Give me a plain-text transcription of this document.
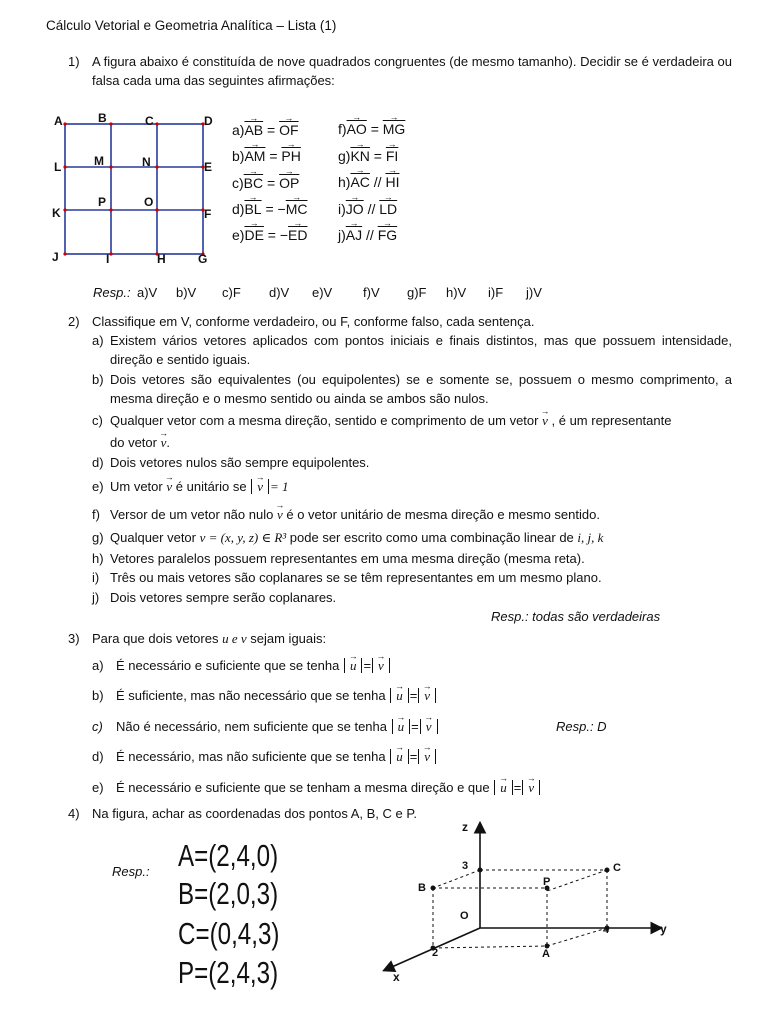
Cálculo Vetorial e Geometria Analítica – Lista (1)
1) A figura abaixo é constituída de nove quadrados congruentes (de mesmo tamanho). Decidir se é verdadeira ou falsa cada uma das seguintes afirmações:
A	B	C	D
L	M	N	E
K
P	O
F
J	I	H	G
$a)\to \overline{AB}$ = → $\overline{OF}$
$b)\to \overline{AM}$ = → $\overline{PH}$
$c)\to \overline{BC}$ = → $\overline{OP}$
$d)\to \overline{BL}$ = −→ $\overline{MC}$
$e)\to \overline{DE}$ = −→ $\overline{ED}$
$f)\to \overline{AO}$ = → $\overline{MG}$
$g)\to \overline{KN}$ = → $\overline{FI}$
$h)\to \overline{AC}$ // → $\overline{HI}$
$i)\to \overline{JO}$ // → $\overline{LD}$
$j)\to \overline{AJ}$ // → $\overline{FG}$
Resp.: a)V b)V c)F d)V e)V f)V g)F h)V i)F j)V
2) Classifique em V, conforme verdadeiro, ou F, conforme falso, cada sentença.
a) Existem vários vetores aplicados com pontos iniciais e finais distintos, mas que possuem intensidade, direção e sentido iguais.
b) Dois vetores são equivalentes (ou equipolentes) se e somente se, possuem o mesmo comprimento, a mesma direção e o mesmo sentido ou ainda se ambos são nulos.
c) Qualquer vetor com a mesma direção, sentido e comprimento de um vetor → v , é um representante
do vetor → v.
d) Dois vetores nulos são sempre equipolentes.
e) Um vetor → v é unitário se → v = 1
f) Versor de um vetor não nulo → v é o vetor unitário de mesma direção e mesmo sentido.
g) Qualquer vetor v = (x, y, z) ∈ R³ pode ser escrito como uma combinação linear de i, j, k
h) Vetores paralelos possuem representantes em uma mesma direção (mesma reta).
i) Três ou mais vetores são coplanares se se têm representantes em um mesmo plano.
j) Dois vetores sempre serão coplanares.
Resp.: todas são verdadeiras
3) Para que dois vetores u e v sejam iguais:
a) É necessário e suficiente que se tenha → u = → v
b) É suficiente, mas não necessário que se tenha → u = → v
c) Não é necessário, nem suficiente que se tenha → u = → v	Resp.: D
d) É necessário, mas não suficiente que se tenha → u = → v
e) É necessário e suficiente que se tenham a mesma direção e que → u = → v
4) Na figura, achar as coordenadas dos pontos A, B, C e P.
Resp.: A=(2,4,0)
B=(2,0,3)
C=(0,4,3)
P=(2,4,3)
z
y
x
3
4
2
O
A
B
C
P
